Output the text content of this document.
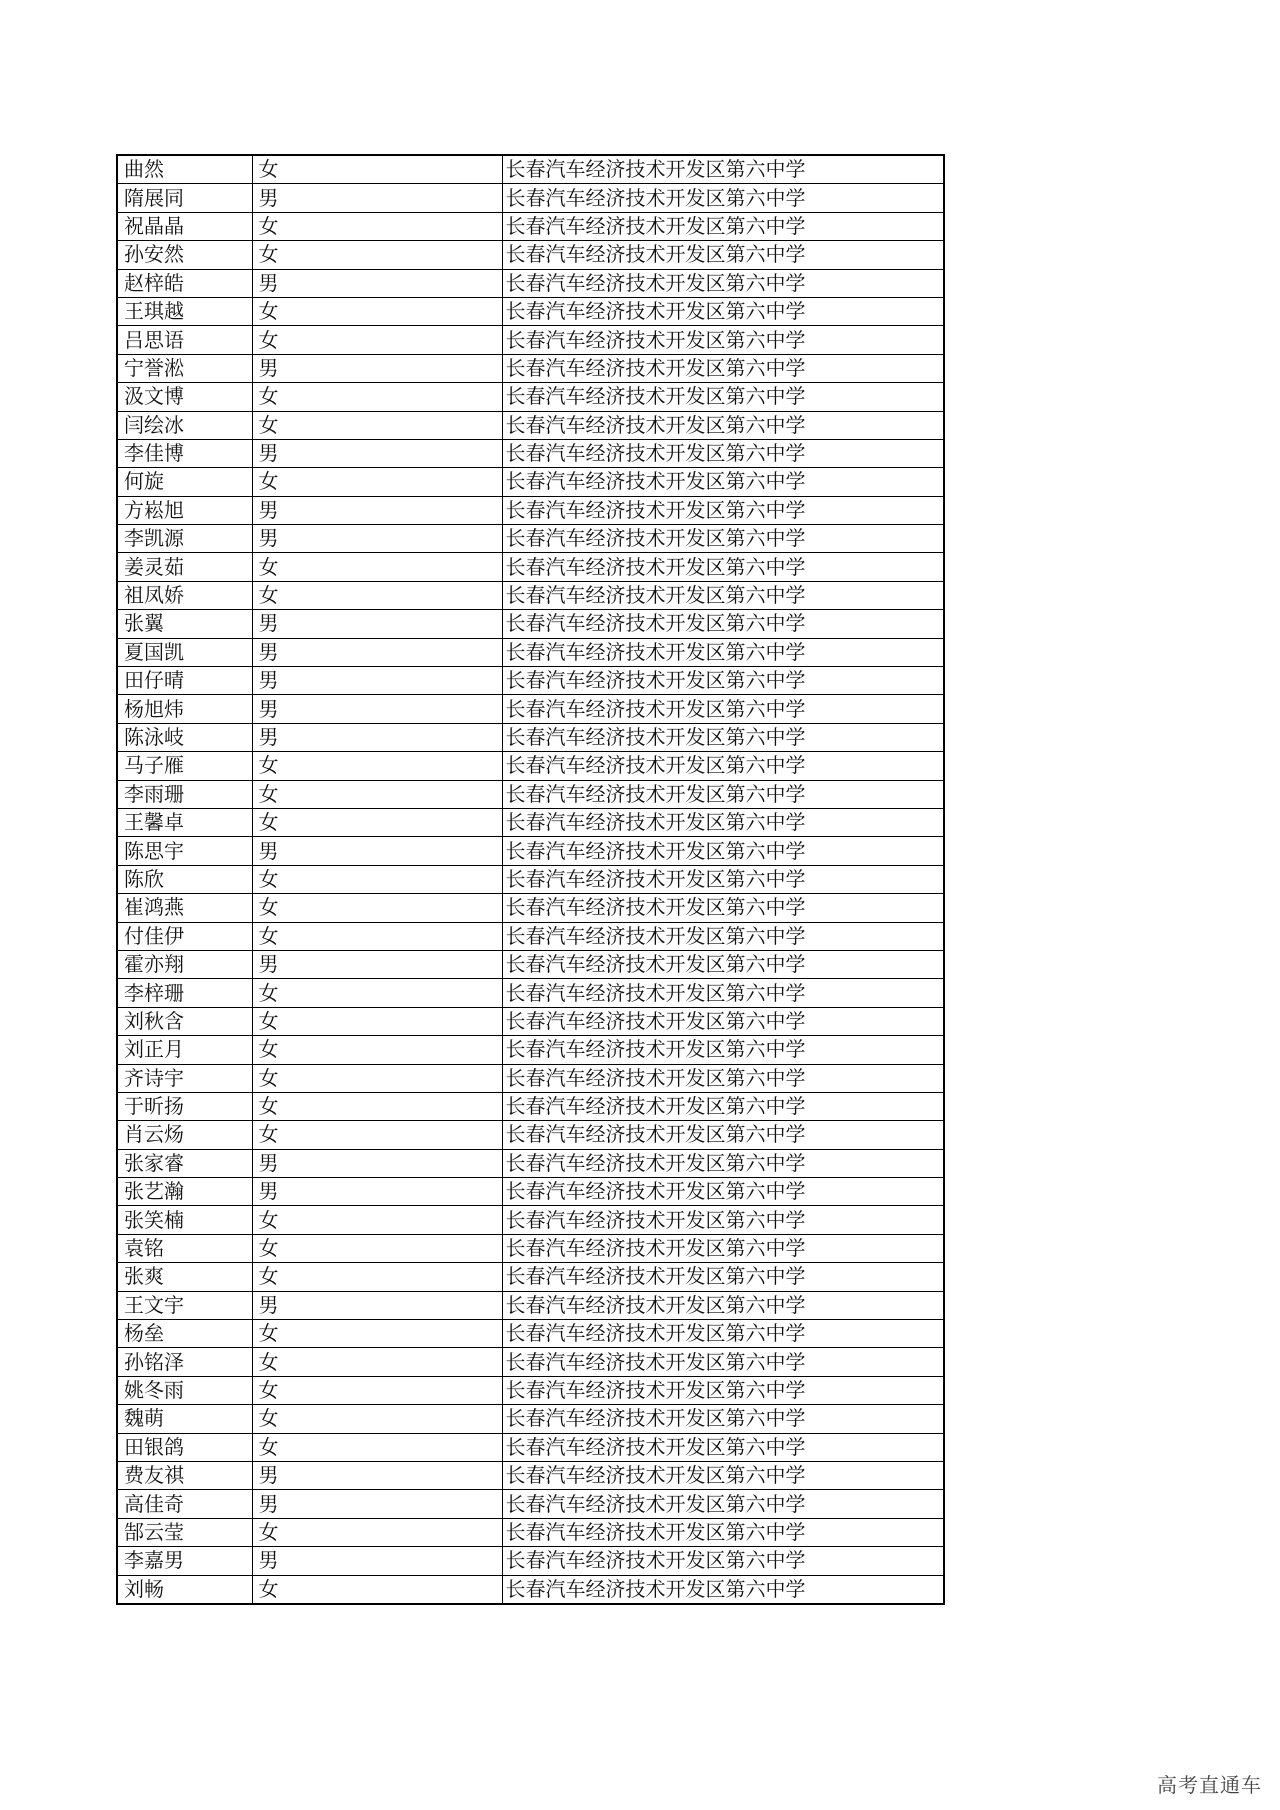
曲然	女	长春汽车经济技术开发区第六中学
隋展同	男	长春汽车经济技术开发区第六中学
祝晶晶	女	长春汽车经济技术开发区第六中学
孙安然	女	长春汽车经济技术开发区第六中学
赵梓皓	男	长春汽车经济技术开发区第六中学
王琪越	女	长春汽车经济技术开发区第六中学
吕思语	女	长春汽车经济技术开发区第六中学
宁誉淞	男	长春汽车经济技术开发区第六中学
汲文博	女	长春汽车经济技术开发区第六中学
闫绘冰	女	长春汽车经济技术开发区第六中学
李佳博	男	长春汽车经济技术开发区第六中学
何旋	女	长春汽车经济技术开发区第六中学
方崧旭	男	长春汽车经济技术开发区第六中学
李凯源	男	长春汽车经济技术开发区第六中学
姜灵茹	女	长春汽车经济技术开发区第六中学
祖凤娇	女	长春汽车经济技术开发区第六中学
张翼	男	长春汽车经济技术开发区第六中学
夏国凯	男	长春汽车经济技术开发区第六中学
田仔晴	男	长春汽车经济技术开发区第六中学
杨旭炜	男	长春汽车经济技术开发区第六中学
陈泳岐	男	长春汽车经济技术开发区第六中学
马子雁	女	长春汽车经济技术开发区第六中学
李雨珊	女	长春汽车经济技术开发区第六中学
王馨卓	女	长春汽车经济技术开发区第六中学
陈思宇	男	长春汽车经济技术开发区第六中学
陈欣	女	长春汽车经济技术开发区第六中学
崔鸿燕	女	长春汽车经济技术开发区第六中学
付佳伊	女	长春汽车经济技术开发区第六中学
霍亦翔	男	长春汽车经济技术开发区第六中学
李梓珊	女	长春汽车经济技术开发区第六中学
刘秋含	女	长春汽车经济技术开发区第六中学
刘正月	女	长春汽车经济技术开发区第六中学
齐诗宇	女	长春汽车经济技术开发区第六中学
于昕扬	女	长春汽车经济技术开发区第六中学
肖云炀	女	长春汽车经济技术开发区第六中学
张家睿	男	长春汽车经济技术开发区第六中学
张艺瀚	男	长春汽车经济技术开发区第六中学
张笑楠	女	长春汽车经济技术开发区第六中学
袁铭	女	长春汽车经济技术开发区第六中学
张爽	女	长春汽车经济技术开发区第六中学
王文宇	男	长春汽车经济技术开发区第六中学
杨垒	女	长春汽车经济技术开发区第六中学
孙铭泽	女	长春汽车经济技术开发区第六中学
姚冬雨	女	长春汽车经济技术开发区第六中学
魏萌	女	长春汽车经济技术开发区第六中学
田银鸽	女	长春汽车经济技术开发区第六中学
费友祺	男	长春汽车经济技术开发区第六中学
高佳奇	男	长春汽车经济技术开发区第六中学
郜云莹	女	长春汽车经济技术开发区第六中学
李嘉男	男	长春汽车经济技术开发区第六中学
刘畅	女	长春汽车经济技术开发区第六中学
高考直通车
